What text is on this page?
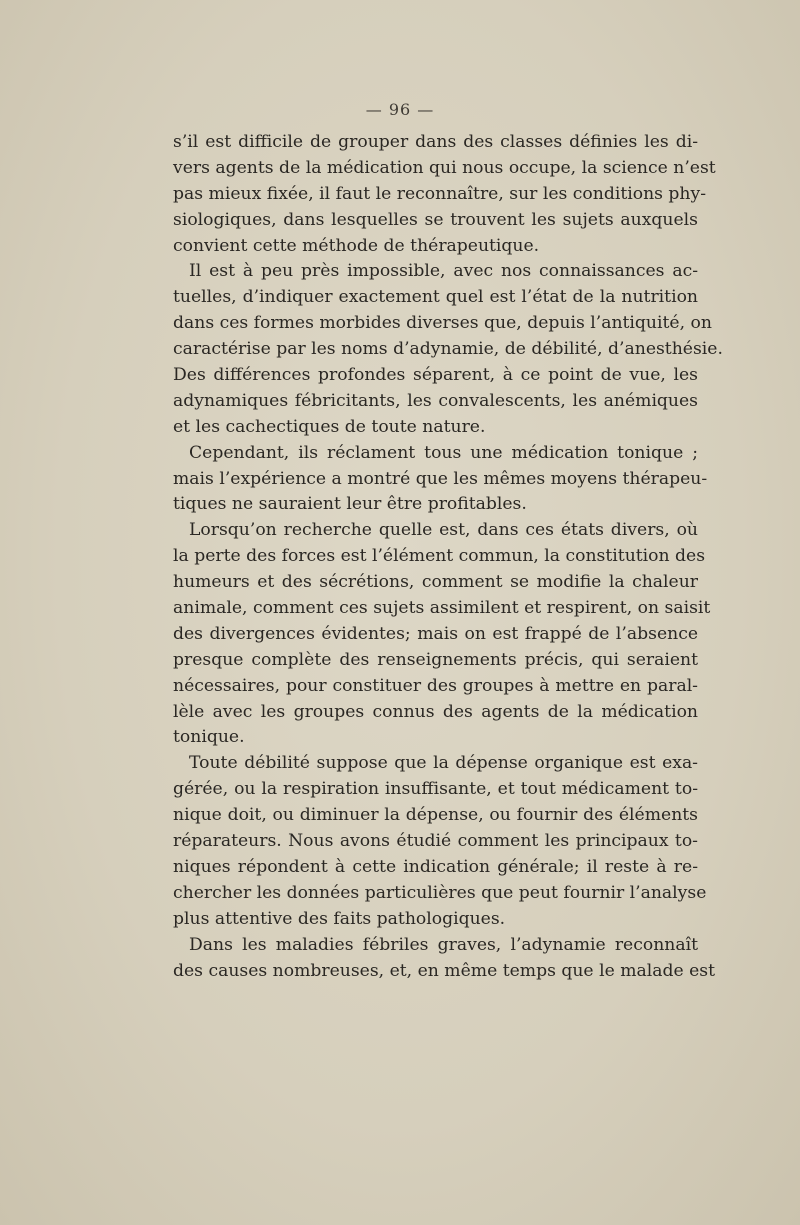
— 96 —
s’il est difficile de grouper dans des classes définies les di-
vers agents de la médication qui nous occupe, la science n’est
pas mieux fixée, il faut le reconnaître, sur les conditions phy-
siologiques, dans lesquelles se trouvent les sujets auxquels
convient cette méthode de thérapeutique.
Il est à peu près impossible, avec nos connaissances ac-
tuelles, d’indiquer exactement quel est l’état de la nutrition
dans ces formes morbides diverses que, depuis l’antiquité, on
caractérise par les noms d’adynamie, de débilité, d’anesthésie.
Des différences profondes séparent, à ce point de vue, les
adynamiques fébricitants, les convalescents, les anémiques
et les cachectiques de toute nature.
Cependant, ils réclament tous une médication tonique ;
mais l’expérience a montré que les mêmes moyens thérapeu-
tiques ne sauraient leur être profitables.
Lorsqu’on recherche quelle est, dans ces états divers, où
la perte des forces est l’élément commun, la constitution des
humeurs et des sécrétions, comment se modifie la chaleur
animale, comment ces sujets assimilent et respirent, on saisit
des divergences évidentes; mais on est frappé de l’absence
presque complète des renseignements précis, qui seraient
nécessaires, pour constituer des groupes à mettre en paral-
lèle avec les groupes connus des agents de la médication
tonique.
Toute débilité suppose que la dépense organique est exa-
gérée, ou la respiration insuffisante, et tout médicament to-
nique doit, ou diminuer la dépense, ou fournir des éléments
réparateurs. Nous avons étudié comment les principaux to-
niques répondent à cette indication générale; il reste à re-
chercher les données particulières que peut fournir l’analyse
plus attentive des faits pathologiques.
Dans les maladies fébriles graves, l’adynamie reconnaît
des causes nombreuses, et, en même temps que le malade est
